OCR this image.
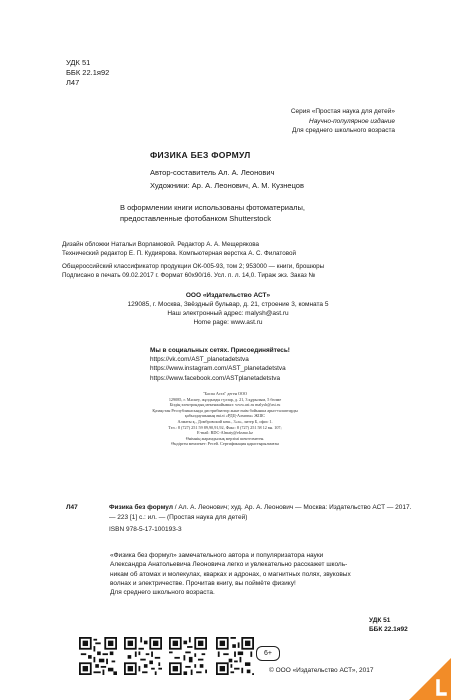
УДК 51
ББК 22.1я92
Л47
Серия «Простая наука для детей»
Научно-популярное издание
Для среднего школьного возраста
ФИЗИКА БЕЗ ФОРМУЛ
Автор-составитель Ал. А. Леонович
Художники: Ар. А. Леонович, А. М. Кузнецов
В оформлении книги использованы фотоматериалы,
предоставленные фотобанком Shutterstock
Дизайн обложки Натальи Ворламовой. Редактор А. А. Мещерякова
Технический редактор Е. П. Кудиярова. Компьютерная верстка А. С. Филатовой
Общероссийский классификатор продукции ОК-005-93, том 2; 953000 — книги, брошюры
Подписано в печать 09.02.2017 г. Формат 60х90/16. Усл. п. л. 14,0. Тираж экз. Заказ №
ООО «Издательство АСТ»
129085, г. Москва, Звёздный бульвар, д. 21, строение 3, комната 5
Наш электронный адрес: malysh@ast.ru
Home page: www.ast.ru
Мы в социальных сетях. Присоединяйтесь!
https://vk.com/AST_planetadetstva
https://www.instagram.com/AST_planetadetstva
https://www.facebook.com/ASTplanetadetstva
"Баспа Аста" деген ООО
129085, г. Мәскеу, жұлдызды гүлзар, д. 21, 3 құрылым, 5 бөлме
Біздің электрондық мекенжайымыз: www.ast.ru malysh@ast.ru
Қазақстан Республикасында дистрибьютор және өнім бойынша арыз-талаптарды
қабылдаушының өкілі «РДЦ-Алматы» ЖШС
Алматы қ., Домбровский көш., 3«а», литер Б, офис 1.
Тел.: 8 (727) 251 59 89,90,91,92, Факс: 8 (727) 251 58 12 вн. 107;
E-mail: RDC-Almaty@eksmo.kz
Өнімнің жарамдылық мерзімі шектелмеген.
Өндірген мемлекет: Ресей. Сертификация қарастырылмаған
Л47	Физика без формул / Ал. А. Леонович; худ. Ар. А. Леонович — Москва: Издательство АСТ — 2017. — 223 [1] с.: ил. — (Простая наука для детей)
ISBN 978-5-17-100193-3
«Физика без формул» замечательного автора и популяризатора науки
Александра Анатольевича Леоновича легко и увлекательно расскажет школь-
никам об атомах и молекулах, кварках и адронах, о магнитных полях, звуковых
волнах и электричестве. Прочитав книгу, вы поймёте физику!
Для среднего школьного возраста.
УДК 51
ББК 22.1я92
6+
© ООО «Издательство АСТ», 2017
